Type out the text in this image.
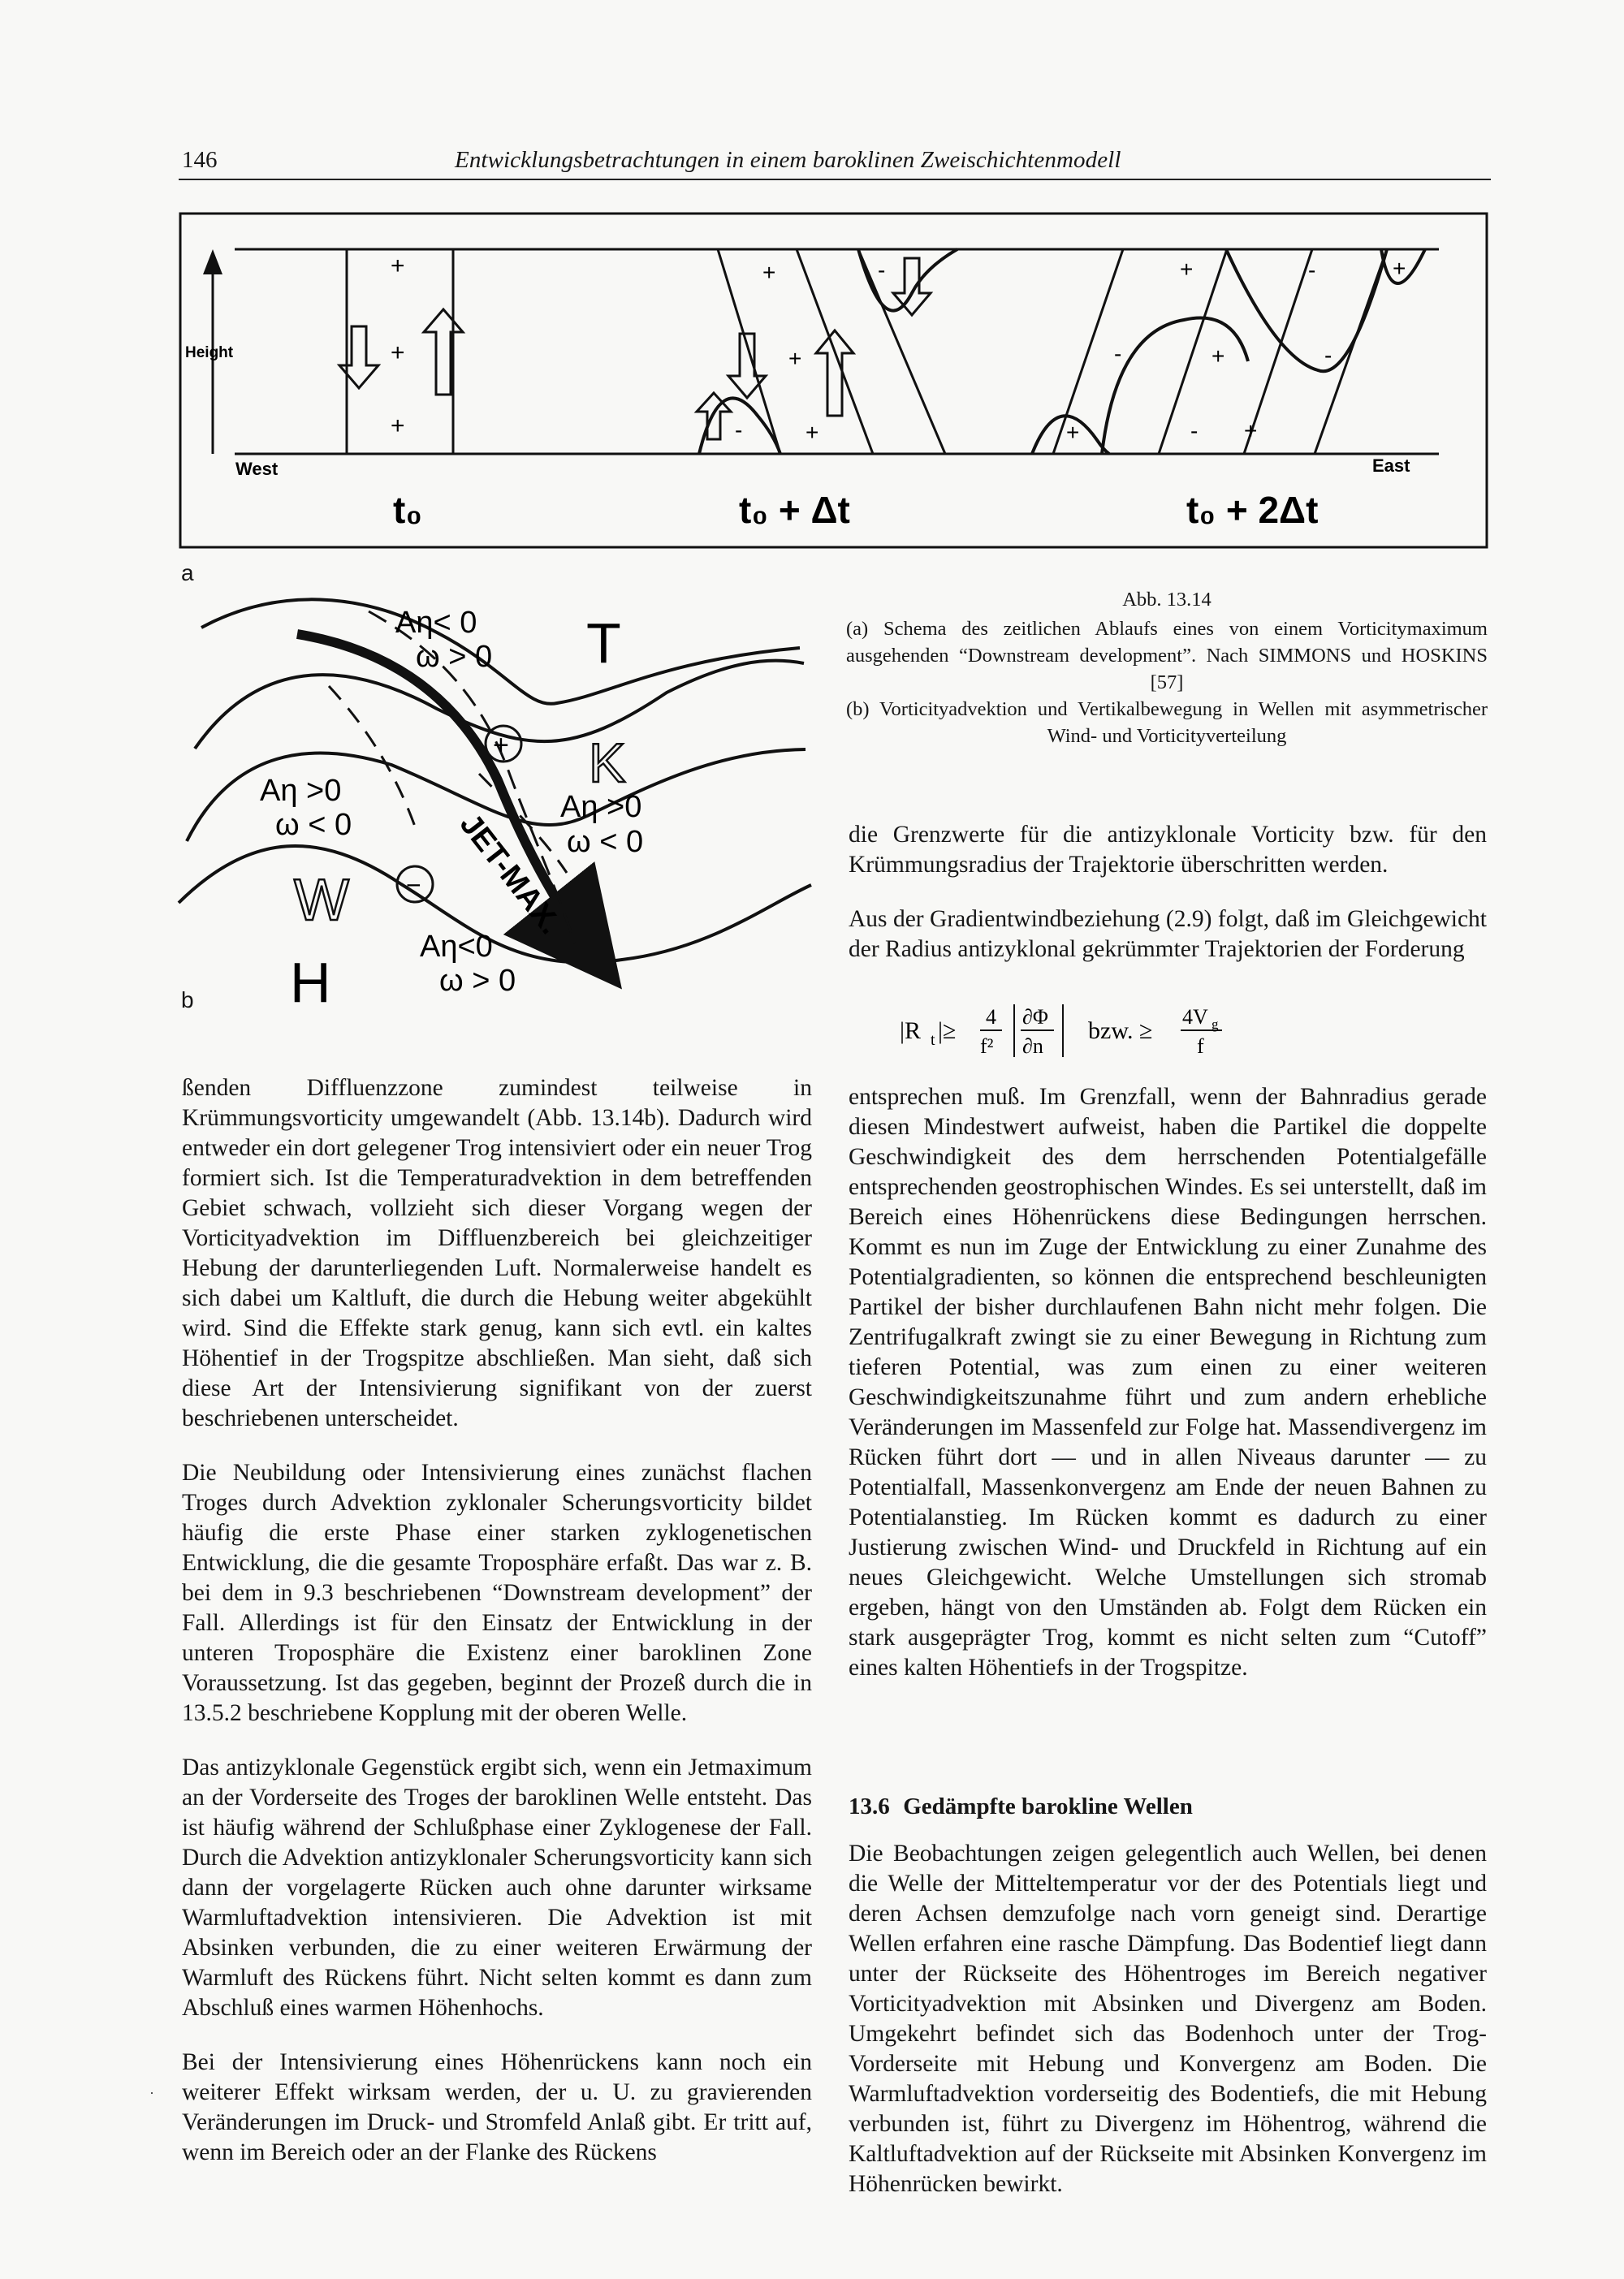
146	Entwicklungsbetrachtungen in einem baroklinen Zweischichtenmodell
Height
West	East
+
+
+
t₀
+	-
+
-	+
t₀ + Δt
+	-	+
-	+	-
+	- +
t₀ + 2Δt
a
Aη< 0
ω > 0 T
+ K
Aη >0
ω < 0
Aη >0
ω < 0
JET-MAX.
W −
Aη<0
ω > 0
H
b
Abb. 13.14
(a) Schema des zeitlichen Ablaufs eines von einem Vorticitymaximum ausgehenden “Downstream development”. Nach SIMMONS und HOSKINS [57]
(b) Vorticityadvektion und Vertikalbewegung in Wellen mit asymmetrischer Wind- und Vorticityverteilung

ßenden Diffluenzzone zumindest teilweise in Krümmungsvorticity umgewandelt (Abb. 13.14b). Dadurch wird entweder ein dort gelegener Trog intensiviert oder ein neuer Trog formiert sich. Ist die Temperaturadvektion in dem betreffenden Gebiet schwach, vollzieht sich dieser Vorgang wegen der Vorticityadvektion im Diffluenzbereich bei gleichzeitiger Hebung der darunterliegenden Luft. Normalerweise handelt es sich dabei um Kaltluft, die durch die Hebung weiter abgekühlt wird. Sind die Effekte stark genug, kann sich evtl. ein kaltes Höhentief in der Trogspitze abschließen. Man sieht, daß sich diese Art der Intensivierung signifikant von der zuerst beschriebenen unterscheidet.

Die Neubildung oder Intensivierung eines zunächst flachen Troges durch Advektion zyklonaler Scherungsvorticity bildet häufig die erste Phase einer starken zyklogenetischen Entwicklung, die die gesamte Troposphäre erfaßt. Das war z. B. bei dem in 9.3 beschriebenen “Downstream development” der Fall. Allerdings ist für den Einsatz der Entwicklung in der unteren Troposphäre die Existenz einer baroklinen Zone Voraussetzung. Ist das gegeben, beginnt der Prozeß durch die in 13.5.2 beschriebene Kopplung mit der oberen Welle.

Das antizyklonale Gegenstück ergibt sich, wenn ein Jetmaximum an der Vorderseite des Troges der baroklinen Welle entsteht. Das ist häufig während der Schlußphase einer Zyklogenese der Fall. Durch die Advektion antizyklonaler Scherungsvorticity kann sich dann der vorgelagerte Rücken auch ohne darunter wirksame Warmluftadvektion intensivieren. Die Advektion ist mit Absinken verbunden, die zu einer weiteren Erwärmung der Warmluft des Rückens führt. Nicht selten kommt es dann zum Abschluß eines warmen Höhenhochs.

Bei der Intensivierung eines Höhenrückens kann noch ein weiterer Effekt wirksam werden, der u. U. zu gravierenden Veränderungen im Druck- und Stromfeld Anlaß gibt. Er tritt auf, wenn im Bereich oder an der Flanke des Rückens

die Grenzwerte für die antizyklonale Vorticity bzw. für den Krümmungsradius der Trajektorie überschritten werden.

Aus der Gradientwindbeziehung (2.9) folgt, daß im Gleichgewicht der Radius antizyklonal gekrümmter Trajektorien der Forderung

|R t |≥
4
f²
∂Φ
∂n
bzw. ≥
4V g
f

entsprechen muß. Im Grenzfall, wenn der Bahnradius gerade diesen Mindestwert aufweist, haben die Partikel die doppelte Geschwindigkeit des dem herrschenden Potentialgefälle entsprechenden geostrophischen Windes. Es sei unterstellt, daß im Bereich eines Höhenrückens diese Bedingungen herrschen. Kommt es nun im Zuge der Entwicklung zu einer Zunahme des Potentialgradienten, so können die entsprechend beschleunigten Partikel der bisher durchlaufenen Bahn nicht mehr folgen. Die Zentrifugalkraft zwingt sie zu einer Bewegung in Richtung zum tieferen Potential, was zum einen zu einer weiteren Geschwindigkeitszunahme führt und zum andern erhebliche Veränderungen im Massenfeld zur Folge hat. Massendivergenz im Rücken führt dort — und in allen Niveaus darunter — zu Potentialfall, Massenkonvergenz am Ende der neuen Bahnen zu Potentialanstieg. Im Rücken kommt es dadurch zu einer Justierung zwischen Wind- und Druckfeld in Richtung auf ein neues Gleichgewicht. Welche Umstellungen sich stromab ergeben, hängt von den Umständen ab. Folgt dem Rücken ein stark ausgeprägter Trog, kommt es nicht selten zum “Cutoff” eines kalten Höhentiefs in der Trogspitze.

13.6 Gedämpfte barokline Wellen

Die Beobachtungen zeigen gelegentlich auch Wellen, bei denen die Welle der Mitteltemperatur vor der des Potentials liegt und deren Achsen demzufolge nach vorn geneigt sind. Derartige Wellen erfahren eine rasche Dämpfung. Das Bodentief liegt dann unter der Rückseite des Höhentroges im Bereich negativer Vorticityadvektion mit Absinken und Divergenz am Boden. Umgekehrt befindet sich das Bodenhoch unter der Trog-Vorderseite mit Hebung und Konvergenz am Boden. Die Warmluftadvektion vorderseitig des Bodentiefs, die mit Hebung verbunden ist, führt zu Divergenz im Höhentrog, während die Kaltluftadvektion auf der Rückseite mit Absinken Konvergenz im Höhenrücken bewirkt.

·
